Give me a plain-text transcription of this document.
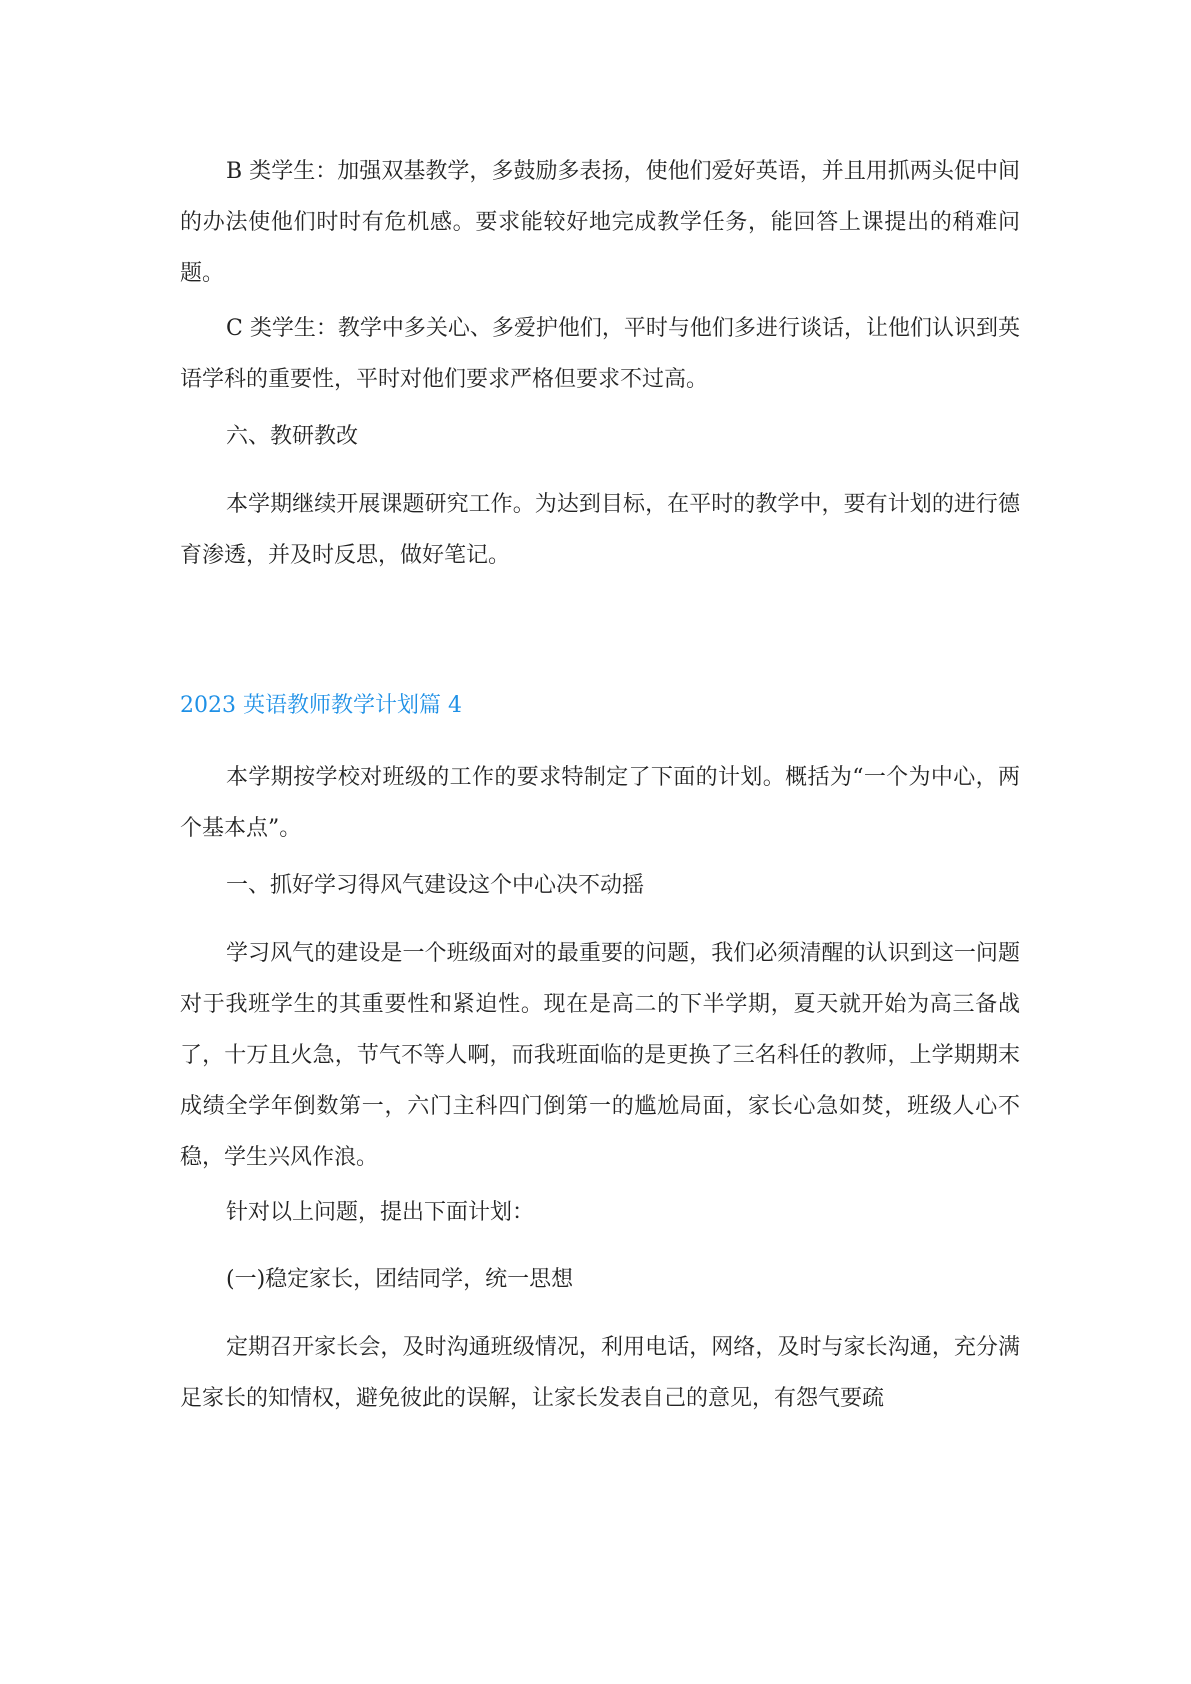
B 类学生：加强双基教学，多鼓励多表扬，使他们爱好英语，并且用抓两头促中间的办法使他们时时有危机感。要求能较好地完成教学任务，能回答上课提出的稍难问题。

C 类学生：教学中多关心、多爱护他们，平时与他们多进行谈话，让他们认识到英语学科的重要性，平时对他们要求严格但要求不过高。

六、教研教改

本学期继续开展课题研究工作。为达到目标，在平时的教学中，要有计划的进行德育渗透，并及时反思，做好笔记。

2023 英语教师教学计划篇 4

本学期按学校对班级的工作的要求特制定了下面的计划。概括为“一个为中心，两个基本点”。

一、抓好学习得风气建设这个中心决不动摇

学习风气的建设是一个班级面对的最重要的问题，我们必须清醒的认识到这一问题对于我班学生的其重要性和紧迫性。现在是高二的下半学期，夏天就开始为高三备战了，十万且火急，节气不等人啊，而我班面临的是更换了三名科任的教师，上学期期末成绩全学年倒数第一，六门主科四门倒第一的尴尬局面，家长心急如焚，班级人心不稳，学生兴风作浪。

针对以上问题，提出下面计划：

(一)稳定家长，团结同学，统一思想

定期召开家长会，及时沟通班级情况，利用电话，网络，及时与家长沟通，充分满足家长的知情权，避免彼此的误解，让家长发表自己的意见，有怨气要疏
